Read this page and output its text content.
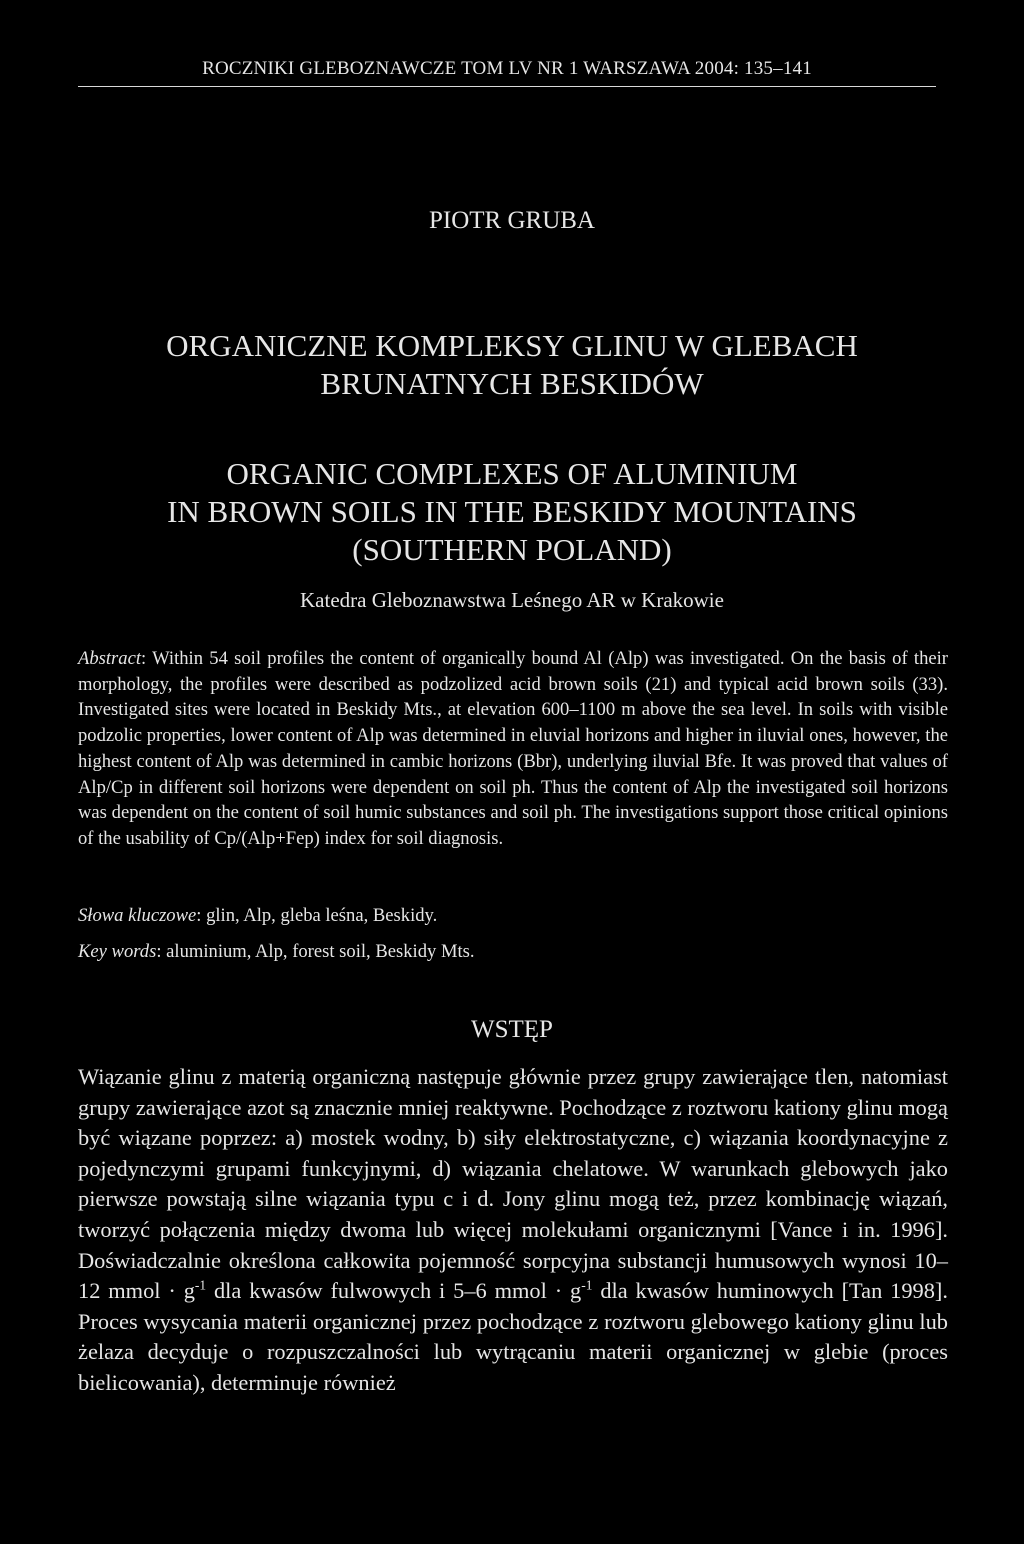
ROCZNIKI GLEBOZNAWCZE TOM LV NR 1 WARSZAWA 2004: 135–141
PIOTR GRUBA
ORGANICZNE KOMPLEKSY GLINU W GLEBACH
BRUNATNYCH BESKIDÓW
ORGANIC COMPLEXES OF ALUMINIUM
IN BROWN SOILS IN THE BESKIDY MOUNTAINS
(SOUTHERN POLAND)
Katedra Gleboznawstwa Leśnego AR w Krakowie

Abstract: Within 54 soil profiles the content of organically bound Al (Alp) was investigated. On the basis of their morphology, the profiles were described as podzolized acid brown soils (21) and typical acid brown soils (33). Investigated sites were located in Beskidy Mts., at elevation 600–1100 m above the sea level. In soils with visible podzolic properties, lower content of Alp was determined in eluvial horizons and higher in iluvial ones, however, the highest content of Alp was determined in cambic horizons (Bbr), underlying iluvial Bfe. It was proved that values of Alp/Cp in different soil horizons were dependent on soil ph. Thus the content of Alp the investigated soil horizons was dependent on the content of soil humic substances and soil ph. The investigations support those critical opinions of the usability of Cp/(Alp+Fep) index for soil diagnosis.

Słowa kluczowe: glin, Alp, gleba leśna, Beskidy.
Key words: aluminium, Alp, forest soil, Beskidy Mts.
WSTĘP

Wiązanie glinu z materią organiczną następuje głównie przez grupy zawierające tlen, natomiast grupy zawierające azot są znacznie mniej reaktywne. Pochodzące z roztworu kationy glinu mogą być wiązane poprzez: a) mostek wodny, b) siły elektrostatyczne, c) wiązania koordynacyjne z pojedynczymi grupami funkcyjnymi, d) wiązania chelatowe. W warunkach glebowych jako pierwsze powstają silne wiązania typu c i d. Jony glinu mogą też, przez kombinację wiązań, tworzyć połączenia między dwoma lub więcej molekułami organicznymi [Vance i in. 1996]. Doświadczalnie określona całkowita pojemność sorpcyjna substancji humusowych wynosi 10–12 mmol · $g^{-1}$ dla kwasów fulwowych i 5–6 mmol · $g^{-1}$ dla kwasów huminowych [Tan 1998]. Proces wysycania materii organicznej przez pochodzące z roztworu glebowego kationy glinu lub żelaza decyduje o rozpuszczalności lub wytrącaniu materii organicznej w glebie (proces bielicowania), determinuje również
